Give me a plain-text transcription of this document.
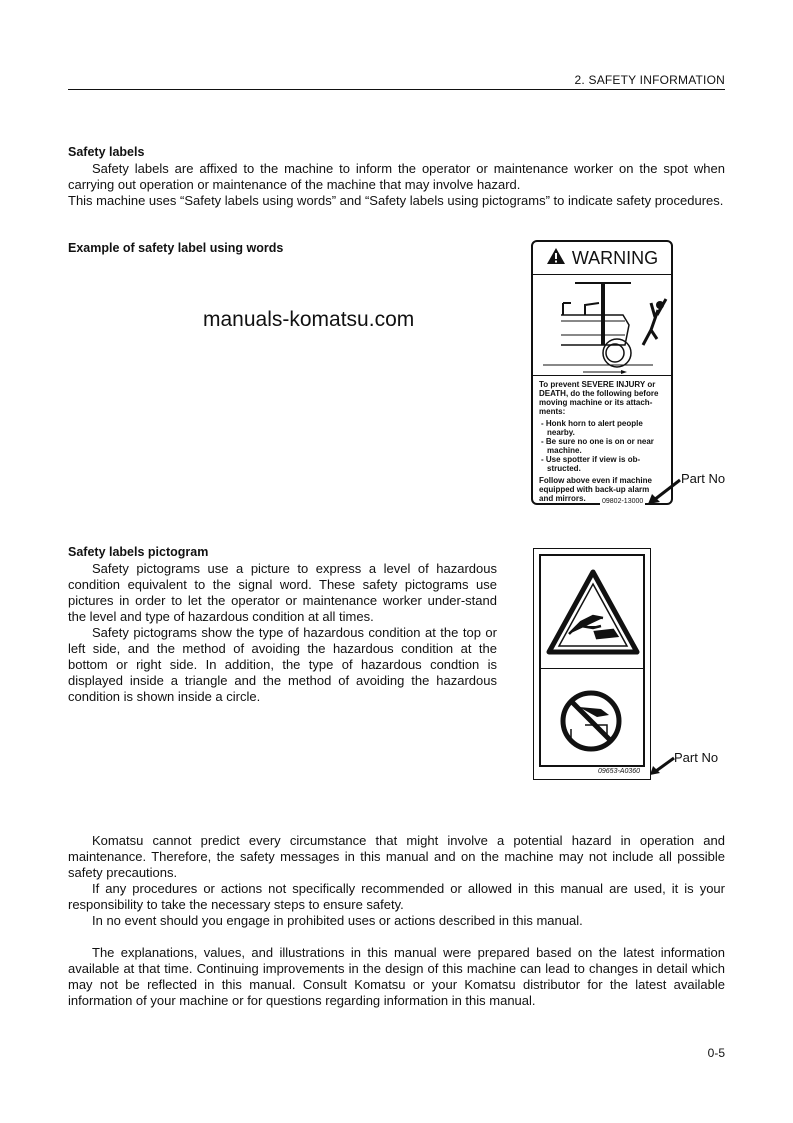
2. SAFETY INFORMATION
Safety labels
Safety labels are affixed to the machine to inform the operator or maintenance worker on the spot when carrying out operation or maintenance of the machine that may involve hazard.
This machine uses “Safety labels using words” and “Safety labels using pictograms” to indicate safety procedures.
Example of safety label using words
manuals-komatsu.com
WARNING
To prevent SEVERE INJURY or DEATH, do the following before moving machine or its attach-ments:
- Honk horn to alert people nearby.
- Be sure no one is on or near machine.
- Use spotter if view is ob-structed.
Follow above even if machine equipped with back-up alarm and mirrors.	09802-13000
Part No
Safety labels pictogram
Safety pictograms use a picture to express a level of hazardous condition equivalent to the signal word. These safety pictograms use pictures in order to let the operator or maintenance worker under-stand the level and type of hazardous condition at all times.
Safety pictograms show the type of hazardous condition at the top or left side, and the method of avoiding the hazardous condition at the bottom or right side. In addition, the type of hazardous condtion is displayed inside a triangle and the method of avoiding the hazardous condition is shown inside a circle.
09653-A0360
Part No
Komatsu cannot predict every circumstance that might involve a potential hazard in operation and maintenance. Therefore, the safety messages in this manual and on the machine may not include all possible safety precautions.
If any procedures or actions not specifically recommended or allowed in this manual are used, it is your responsibility to take the necessary steps to ensure safety.
In no event should you engage in prohibited uses or actions described in this manual.
The explanations, values, and illustrations in this manual were prepared based on the latest information available at that time. Continuing improvements in the design of this machine can lead to changes in detail which may not be reflected in this manual. Consult Komatsu or your Komatsu distributor for the latest available information of your machine or for questions regarding information in this manual.
0-5
